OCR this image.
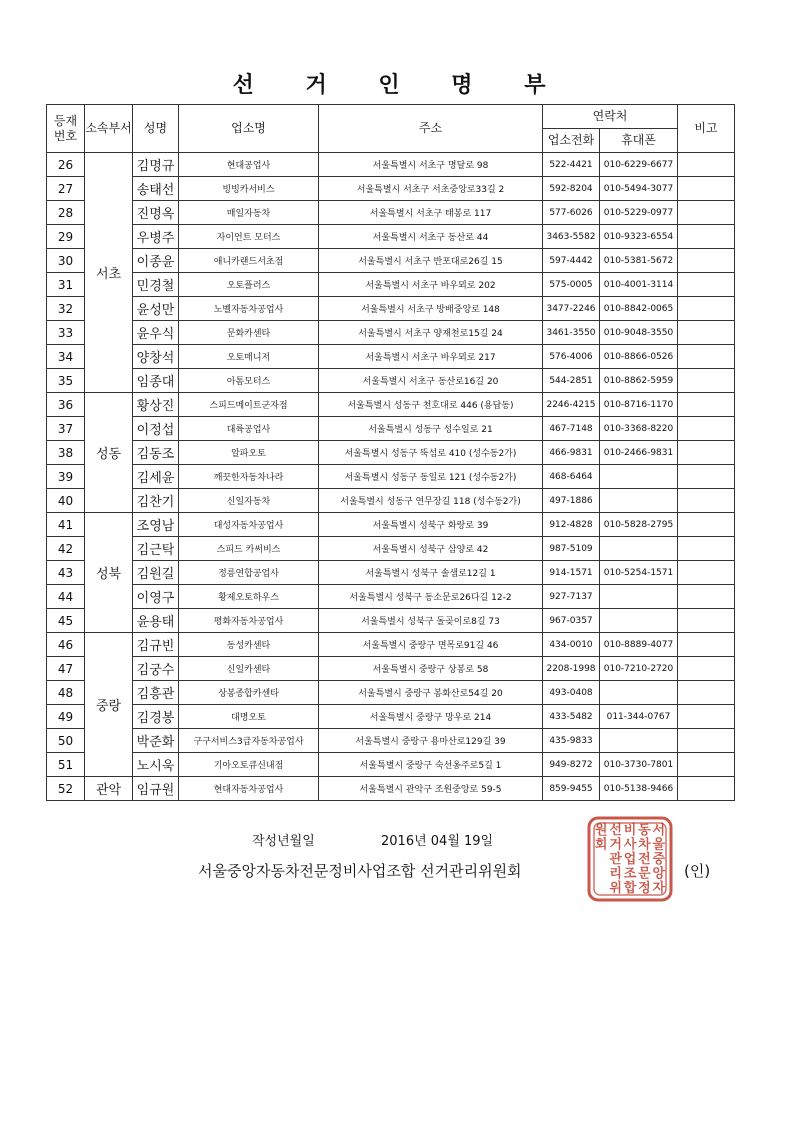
선 거 인 명 부
등재
번호	소속부서	성명	업소명	주소	연락처		비고
					업소전화	휴대폰	
26	서초	김명규	현대공업사	서울특별시 서초구 명달로 98	522-4421	010-6229-6677	
27		송태선	빙빙카서비스	서울특별시 서초구 서초중앙로33길 2	592-8204	010-5494-3077	
28		진명옥	매일자동차	서울특별시 서초구 태봉로 117	577-6026	010-5229-0977	
29		우병주	자이언트 모터스	서울특별시 서초구 동산로 44	3463-5582	010-9323-6554	
30		이종윤	애니카랜드서초점	서울특별시 서초구 반포대로26길 15	597-4442	010-5381-5672	
31		민경철	오토플러스	서울특별시 서초구 바우뫼로 202	575-0005	010-4001-3114	
32		윤성만	노벨자동차공업사	서울특별시 서초구 방배중앙로 148	3477-2246	010-8842-0065	
33		윤우식	문화카센타	서울특별시 서초구 양재천로15길 24	3461-3550	010-9048-3550	
34		양창석	오토매니저	서울특별시 서초구 바우뫼로 217	576-4006	010-8866-0526	
35		임종대	아톰모터스	서울특별시 서초구 동산로16길 20	544-2851	010-8862-5959	
36	성동	황상진	스피드메이트군자점	서울특별시 성동구 천호대로 446 (용답동)	2246-4215	010-8716-1170	
37		이정섭	대륙공업사	서울특별시 성동구 성수일로 21	467-7148	010-3368-8220	
38		김동조	알파오토	서울특별시 성동구 뚝섬로 410 (성수동2가)	466-9831	010-2466-9831	
39		김세윤	깨끗한자동차나라	서울특별시 성동구 동일로 121 (성수동2가)	468-6464		
40		김찬기	신일자동차	서울특별시 성동구 연무장길 118 (성수동2가)	497-1886		
41	성북	조영남	대성자동차공업사	서울특별시 성북구 화랑로 39	912-4828	010-5828-2795	
42		김근탁	스피드 카써비스	서울특별시 성북구 삼양로 42	987-5109		
43		김원길	정릉연합공업사	서울특별시 성북구 솔샘로12길 1	914-1571	010-5254-1571	
44		이영구	황제오토하우스	서울특별시 성북구 동소문로26다길 12-2	927-7137		
45		윤용태	평화자동차공업사	서울특별시 성북구 돌곶이로8길 73	967-0357		
46	중랑	김규빈	동성카센타	서울특별시 중랑구 면목로91길 46	434-0010	010-8889-4077	
47		김궁수	신일카센타	서울특별시 중랑구 상봉로 58	2208-1998	010-7210-2720	
48		김흥관	상봉종합카센타	서울특별시 중랑구 봉화산로54길 20	493-0408		
49		김경봉	대명오토	서울특별시 중랑구 망우로 214	433-5482	011-344-0767	
50		박준화	구구서비스3급자동차공업사	서울특별시 중랑구 용마산로129길 39	435-9833		
51		노시욱	기아오토큐신내점	서울특별시 중랑구 숙선옹주로5길 1	949-8272	010-3730-7801	
52	관악	임규원	현대자동차공업사	서울특별시 관악구 조원중앙로 59-5	859-9455	010-5138-9466	
작성년월일	2016년 04월 19일
서울중앙자동차전문정비사업조합 선거관리위원회	(인)
서
울
중
앙
자
동
차
전
문
정
비
사
업
조
합
선
거
관
리
위
원
회
